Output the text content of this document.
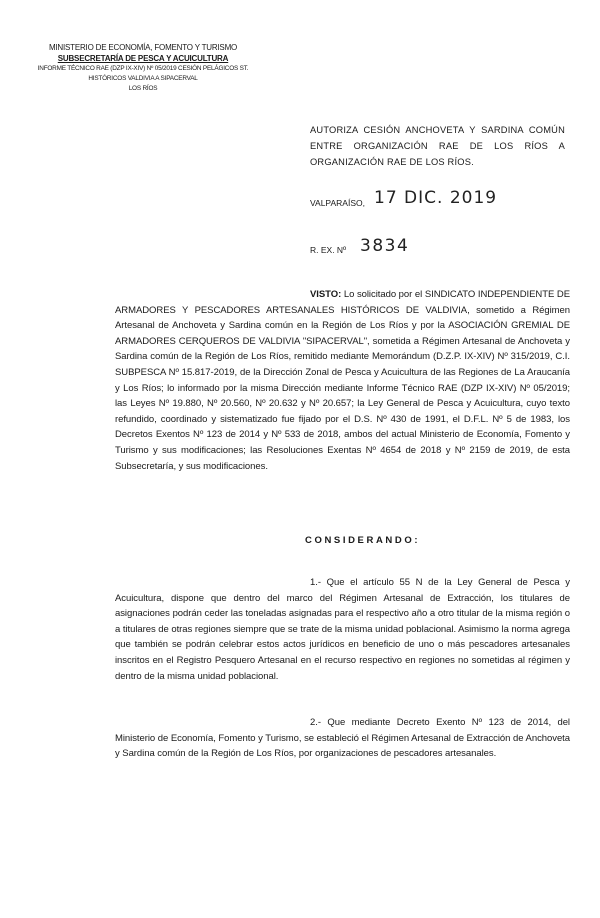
MINISTERIO DE ECONOMÍA, FOMENTO Y TURISMO
SUBSECRETARÍA DE PESCA Y ACUICULTURA
INFORME TÉCNICO RAE (DZP IX-XIV) Nº 05/2019 CESIÓN PELÁGICOS ST.
HISTÓRICOS VALDIVIA A SIPACERVAL
LOS RÍOS
AUTORIZA CESIÓN ANCHOVETA Y SARDINA COMÚN ENTRE ORGANIZACIÓN RAE DE LOS RÍOS A ORGANIZACIÓN RAE DE LOS RÍOS.
VALPARAÍSO, 17 DIC. 2019
R. EX. Nº 3834
VISTO: Lo solicitado por el SINDICATO INDEPENDIENTE DE ARMADORES Y PESCADORES ARTESANALES HISTÓRICOS DE VALDIVIA, sometido a Régimen Artesanal de Anchoveta y Sardina común en la Región de Los Ríos y por la ASOCIACIÓN GREMIAL DE ARMADORES CERQUEROS DE VALDIVIA "SIPACERVAL", sometida a Régimen Artesanal de Anchoveta y Sardina común de la Región de Los Ríos, remitido mediante Memorándum (D.Z.P. IX-XIV) Nº 315/2019, C.I. SUBPESCA Nº 15.817-2019, de la Dirección Zonal de Pesca y Acuicultura de las Regiones de La Araucanía y Los Ríos; lo informado por la misma Dirección mediante Informe Técnico RAE (DZP IX-XIV) Nº 05/2019; las Leyes Nº 19.880, Nº 20.560, Nº 20.632 y Nº 20.657; la Ley General de Pesca y Acuicultura, cuyo texto refundido, coordinado y sistematizado fue fijado por el D.S. Nº 430 de 1991, el D.F.L. Nº 5 de 1983, los Decretos Exentos Nº 123 de 2014 y Nº 533 de 2018, ambos del actual Ministerio de Economía, Fomento y Turismo y sus modificaciones; las Resoluciones Exentas Nº 4654 de 2018 y Nº 2159 de 2019, de esta Subsecretaría, y sus modificaciones.
CONSIDERANDO:
1.- Que el artículo 55 N de la Ley General de Pesca y Acuicultura, dispone que dentro del marco del Régimen Artesanal de Extracción, los titulares de asignaciones podrán ceder las toneladas asignadas para el respectivo año a otro titular de la misma región o a titulares de otras regiones siempre que se trate de la misma unidad poblacional. Asimismo la norma agrega que también se podrán celebrar estos actos jurídicos en beneficio de uno o más pescadores artesanales inscritos en el Registro Pesquero Artesanal en el recurso respectivo en regiones no sometidas al régimen y dentro de la misma unidad poblacional.
2.- Que mediante Decreto Exento Nº 123 de 2014, del Ministerio de Economía, Fomento y Turismo, se estableció el Régimen Artesanal de Extracción de Anchoveta y Sardina común de la Región de Los Ríos, por organizaciones de pescadores artesanales.
